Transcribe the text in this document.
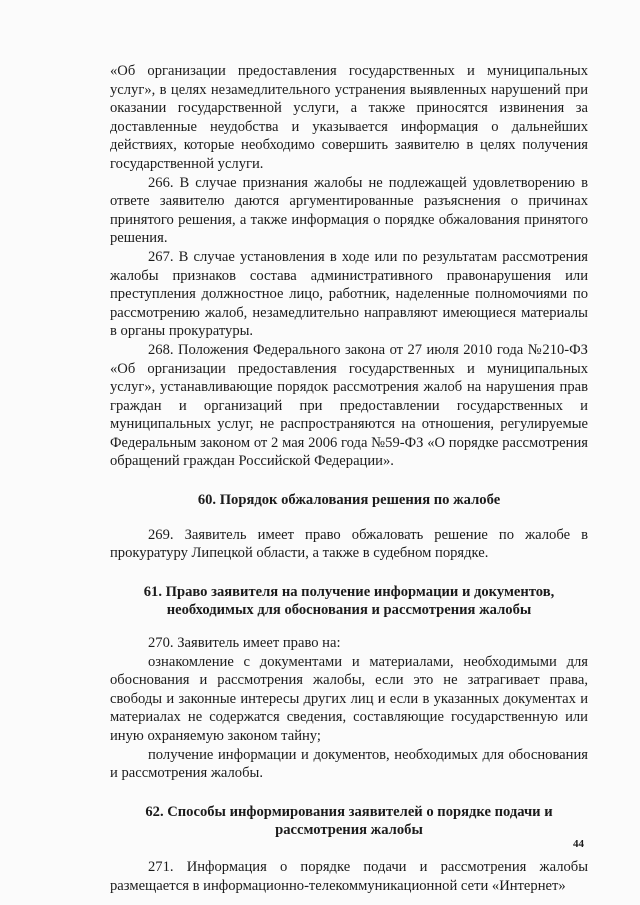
«Об организации предоставления государственных и муниципальных услуг», в целях незамедлительного устранения выявленных нарушений при оказании государственной услуги, а также приносятся извинения за доставленные неудобства и указывается информация о дальнейших действиях, которые необходимо совершить заявителю в целях получения государственной услуги.

266. В случае признания жалобы не подлежащей удовлетворению в ответе заявителю даются аргументированные разъяснения о причинах принятого решения, а также информация о порядке обжалования принятого решения.

267. В случае установления в ходе или по результатам рассмотрения жалобы признаков состава административного правонарушения или преступления должностное лицо, работник, наделенные полномочиями по рассмотрению жалоб, незамедлительно направляют имеющиеся материалы в органы прокуратуры.

268. Положения Федерального закона от 27 июля 2010 года №210-ФЗ «Об организации предоставления государственных и муниципальных услуг», устанавливающие порядок рассмотрения жалоб на нарушения прав граждан и организаций при предоставлении государственных и муниципальных услуг, не распространяются на отношения, регулируемые Федеральным законом от 2 мая 2006 года №59-ФЗ «О порядке рассмотрения обращений граждан Российской Федерации».

60. Порядок обжалования решения по жалобе

269. Заявитель имеет право обжаловать решение по жалобе в прокуратуру Липецкой области, а также в судебном порядке.

61. Право заявителя на получение информации и документов, необходимых для обоснования и рассмотрения жалобы

270. Заявитель имеет право на:

ознакомление с документами и материалами, необходимыми для обоснования и рассмотрения жалобы, если это не затрагивает права, свободы и законные интересы других лиц и если в указанных документах и материалах не содержатся сведения, составляющие государственную или иную охраняемую законом тайну;

получение информации и документов, необходимых для обоснования и рассмотрения жалобы.

62. Способы информирования заявителей о порядке подачи и рассмотрения жалобы

271. Информация о порядке подачи и рассмотрения жалобы размещается в информационно-телекоммуникационной сети «Интернет»

44
